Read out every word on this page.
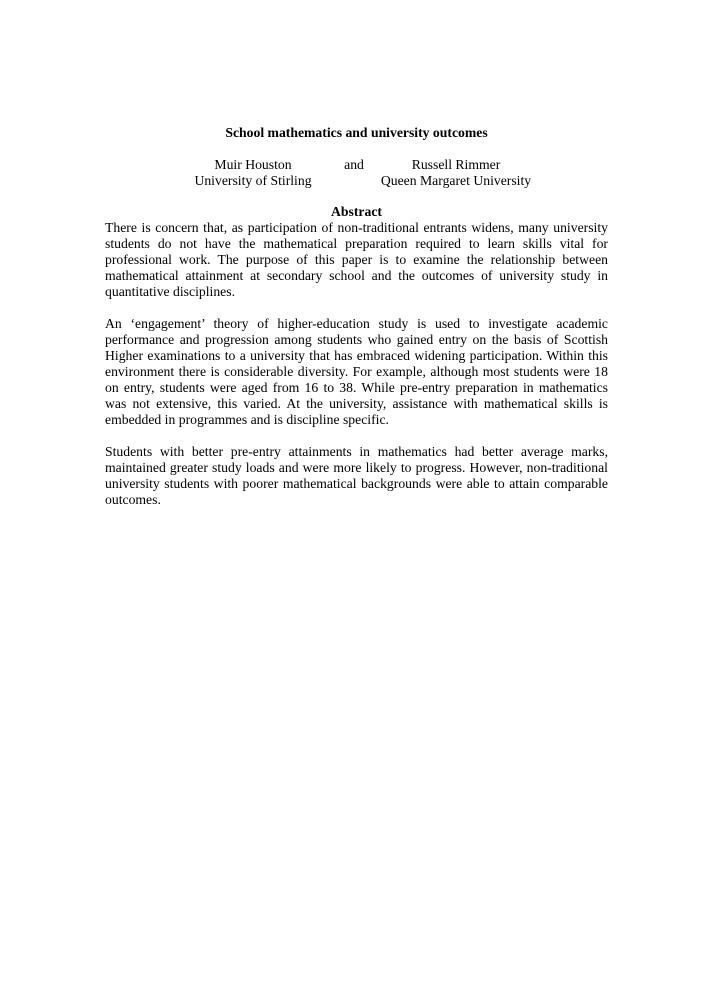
School mathematics and university outcomes
Muir Houston
University of Stirling
and	Russell Rimmer
Queen Margaret University
Abstract

There is concern that, as participation of non-traditional entrants widens, many university students do not have the mathematical preparation required to learn skills vital for professional work. The purpose of this paper is to examine the relationship between mathematical attainment at secondary school and the outcomes of university study in quantitative disciplines.

An ‘engagement’ theory of higher-education study is used to investigate academic performance and progression among students who gained entry on the basis of Scottish Higher examinations to a university that has embraced widening participation. Within this environment there is considerable diversity. For example, although most students were 18 on entry, students were aged from 16 to 38. While pre-entry preparation in mathematics was not extensive, this varied. At the university, assistance with mathematical skills is embedded in programmes and is discipline specific.

Students with better pre-entry attainments in mathematics had better average marks, maintained greater study loads and were more likely to progress. However, non-traditional university students with poorer mathematical backgrounds were able to attain comparable outcomes.
